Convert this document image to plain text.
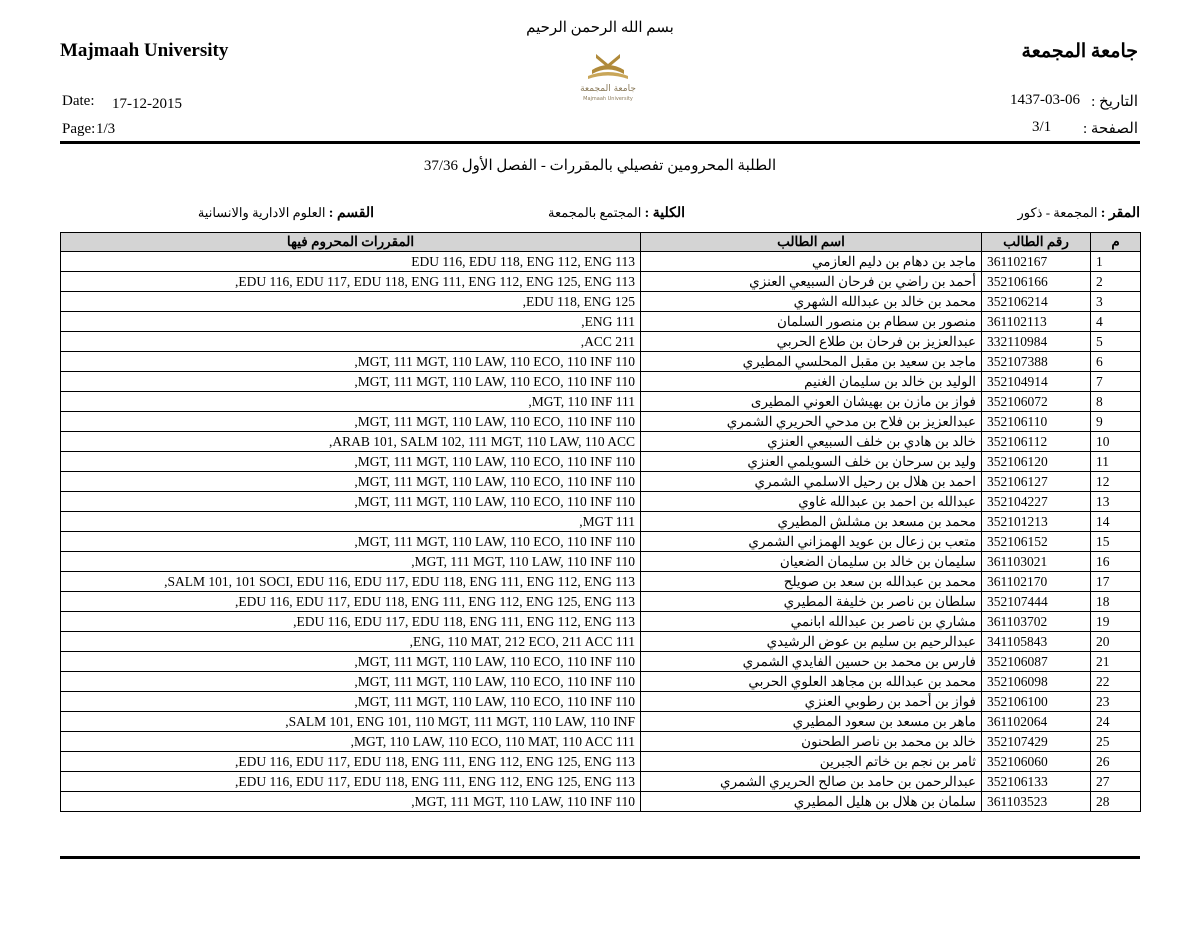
بسم الله الرحمن الرحيم
Majmaah University	جامعة المجمعة
جامعة المجمعة
Majmaah University
Date: 17-12-2015
Page: 1/3
التاريخ :
1437-03-06
الصفحة :
3/1
الطلبة المحرومين تفصيلي بالمقررات - الفصل الأول 37/36
المقر : المجمعة - ذكور
الكلية : المجتمع بالمجمعة
القسم : العلوم الادارية والانسانية
المقررات المحروم فيها	اسم الطالب	رقم الطالب	م
EDU 116, EDU 118, ENG 112, ENG 113	ماجد بن دهام بن دليم العازمي	361102167	1
,EDU 116, EDU 117, EDU 118, ENG 111, ENG 112, ENG 125, ENG 113	أحمد بن راضي بن فرحان السبيعي العنزي	352106166	2
,EDU 118, ENG 125	محمد بن خالد بن عبدالله الشهري	352106214	3
,ENG 111	منصور بن سطام بن منصور السلمان	361102113	4
,ACC 211	عبدالعزيز بن فرحان بن طلاع الحربي	332110984	5
,MGT, 111 MGT, 110 LAW, 110 ECO, 110 INF 110	ماجد بن سعيد بن مقبل المحلسي المطيري	352107388	6
,MGT, 111 MGT, 110 LAW, 110 ECO, 110 INF 110	الوليد بن خالد بن سليمان الغنيم	352104914	7
,MGT, 110 INF 111	فواز بن مازن بن بهيشان العوني المطيرى	352106072	8
,MGT, 111 MGT, 110 LAW, 110 ECO, 110 INF 110	عبدالعزيز بن فلاح بن مدحي الحريري الشمري	352106110	9
,ARAB 101, SALM 102, 111 MGT, 110 LAW, 110 ACC	خالد بن هادي بن خلف السبيعي العنزي	352106112	10
,MGT, 111 MGT, 110 LAW, 110 ECO, 110 INF 110	وليد بن سرحان بن خلف السويلمي العنزي	352106120	11
,MGT, 111 MGT, 110 LAW, 110 ECO, 110 INF 110	احمد بن هلال بن رحيل الاسلمي الشمري	352106127	12
,MGT, 111 MGT, 110 LAW, 110 ECO, 110 INF 110	عبدالله بن احمد بن عبدالله غاوي	352104227	13
,MGT 111	محمد بن مسعد بن مشلش المطيري	352101213	14
,MGT, 111 MGT, 110 LAW, 110 ECO, 110 INF 110	متعب بن زعال بن عويد الهمزاني الشمري	352106152	15
,MGT, 111 MGT, 110 LAW, 110 INF 110	سليمان بن خالد بن سليمان الضعيان	361103021	16
,SALM 101, 101 SOCI, EDU 116, EDU 117, EDU 118, ENG 111, ENG 112, ENG 113	محمد بن عبدالله بن سعد بن صويلح	361102170	17
,EDU 116, EDU 117, EDU 118, ENG 111, ENG 112, ENG 125, ENG 113	سلطان بن ناصر بن خليفة المطيري	352107444	18
,EDU 116, EDU 117, EDU 118, ENG 111, ENG 112, ENG 113	مشاري بن ناصر بن عبدالله ابانمي	361103702	19
,ENG, 110 MAT, 212 ECO, 211 ACC 111	عبدالرحيم بن سليم بن عوض الرشيدي	341105843	20
,MGT, 111 MGT, 110 LAW, 110 ECO, 110 INF 110	فارس بن محمد بن حسين الفايدي الشمري	352106087	21
,MGT, 111 MGT, 110 LAW, 110 ECO, 110 INF 110	محمد بن عبدالله بن مجاهد العلوي الحربي	352106098	22
,MGT, 111 MGT, 110 LAW, 110 ECO, 110 INF 110	فواز بن أحمد بن رطوبي العنزي	352106100	23
,SALM 101, ENG 101, 110 MGT, 111 MGT, 110 LAW, 110 INF	ماهر بن مسعد بن سعود المطيري	361102064	24
,MGT, 110 LAW, 110 ECO, 110 MAT, 110 ACC 111	خالد بن محمد بن ناصر الطحنون	352107429	25
,EDU 116, EDU 117, EDU 118, ENG 111, ENG 112, ENG 125, ENG 113	ثامر بن نجم بن خاتم الجبرين	352106060	26
,EDU 116, EDU 117, EDU 118, ENG 111, ENG 112, ENG 125, ENG 113	عبدالرحمن بن حامد بن صالح الحريري الشمري	352106133	27
,MGT, 111 MGT, 110 LAW, 110 INF 110	سلمان بن هلال بن هليل المطيري	361103523	28
